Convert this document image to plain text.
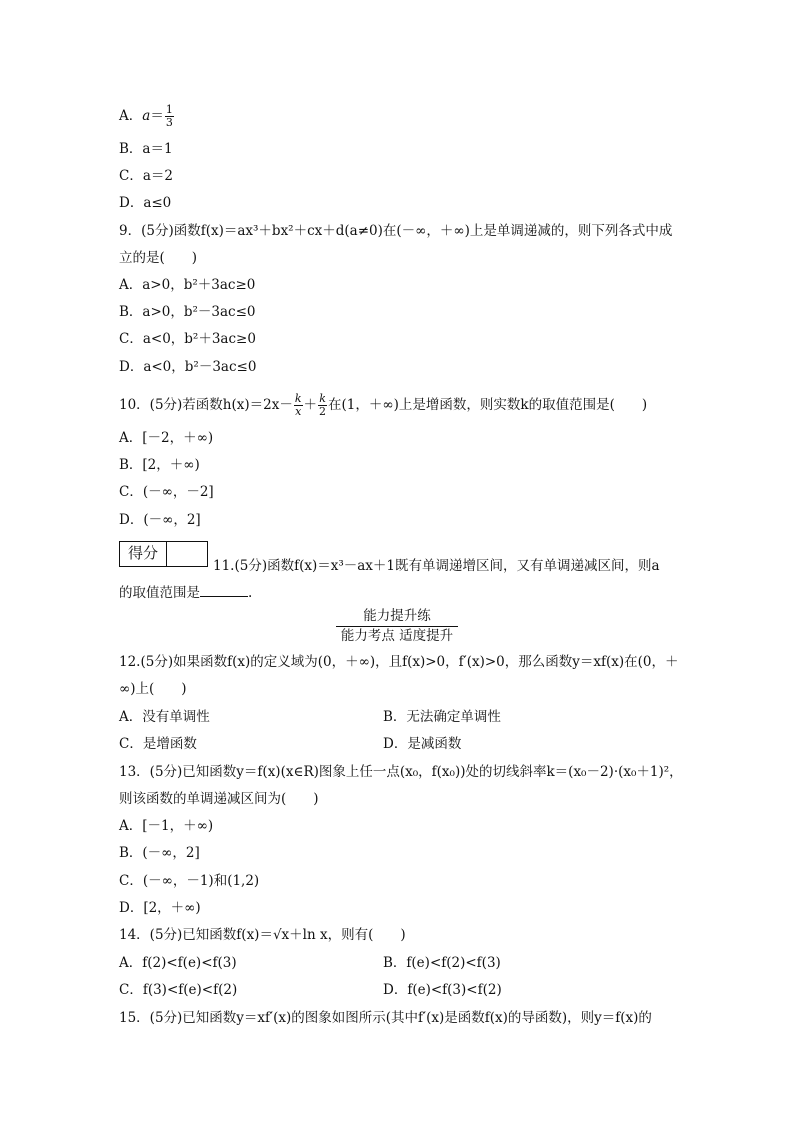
A．$a= \frac{1}{3}$
B．a＝1
C．a＝2
D．a≤0
9．(5分)函数f(x)＝ax³＋bx²＋cx＋d(a≠0)在(－∞，＋∞)上是单调递减的，则下列各式中成
立的是(　　)
A．a>0，b²＋3ac≥0
B．a>0，b²－3ac≤0
C．a<0，b²＋3ac≥0
D．a<0，b²－3ac≤0
10．(5分)若函数$h(x)=2x- \frac{k}{x} + \frac{k}{2}$ 在(1，＋∞)上是增函数，则实数k的取值范围是(　　)
A．[－2，＋∞)
B．[2，＋∞)
C．(－∞，－2]
D．(－∞，2]
得分
11.(5分)函数f(x)＝x³－ax＋1既有单调递增区间，又有单调递减区间，则a
的取值范围是	.
能力提升练
能力考点 适度提升
12.(5分)如果函数f(x)的定义域为(0，＋∞)，且f(x)>0，f′(x)>0，那么函数y＝xf(x)在(0，＋
∞)上(　　)
A．没有单调性	B．无法确定单调性
C．是增函数	D．是减函数
13．(5分)已知函数y＝f(x)(x∈R)图象上任一点(x₀，f(x₀))处的切线斜率k＝(x₀－2)·(x₀＋1)²，
则该函数的单调递减区间为(　　)
A．[－1，＋∞)
B．(－∞，2]
C．(－∞，－1)和(1,2)
D．[2，＋∞)
14．(5分)已知函数f(x)＝√x＋ln x，则有(　　)
A．f(2)<f(e)<f(3)	B．f(e)<f(2)<f(3)
C．f(3)<f(e)<f(2)	D．f(e)<f(3)<f(2)
15．(5分)已知函数y＝xf′(x)的图象如图所示(其中f′(x)是函数f(x)的导函数)，则y＝f(x)的
